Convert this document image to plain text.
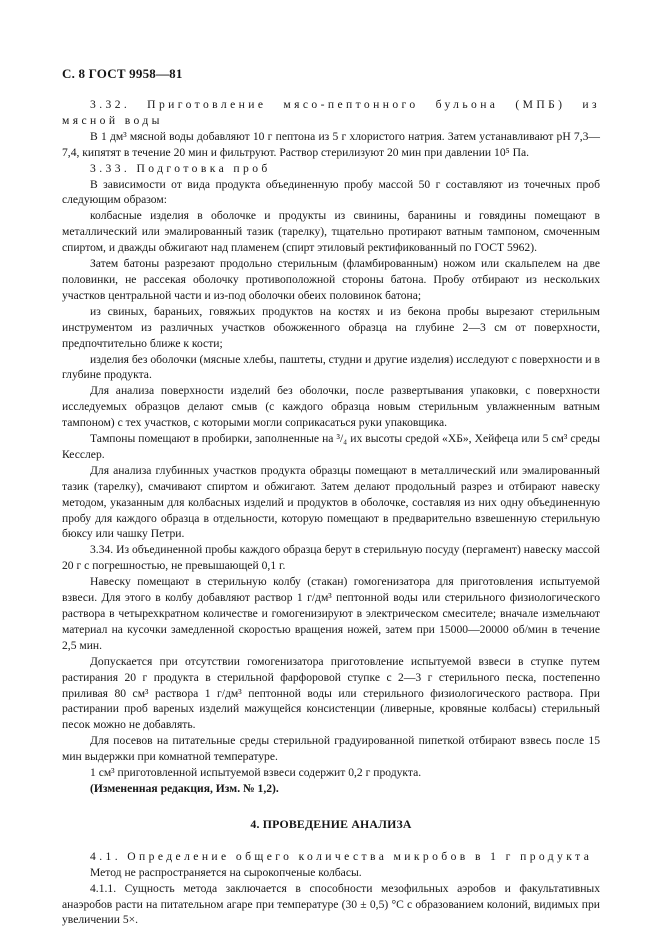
С. 8 ГОСТ 9958—81

3.32. Приготовление мясо-пептонного бульона (МПБ) из мясной воды

В 1 дм³ мясной воды добавляют 10 г пептона из 5 г хлористого натрия. Затем устанавливают pH 7,3—7,4, кипятят в течение 20 мин и фильтруют. Раствор стерилизуют 20 мин при давлении 10⁵ Па.

3.33. Подготовка проб

В зависимости от вида продукта объединенную пробу массой 50 г составляют из точечных проб следующим образом:

колбасные изделия в оболочке и продукты из свинины, баранины и говядины помещают в металлический или эмалированный тазик (тарелку), тщательно протирают ватным тампоном, смоченным спиртом, и дважды обжигают над пламенем (спирт этиловый ректификованный по ГОСТ 5962).

Затем батоны разрезают продольно стерильным (фламбированным) ножом или скальпелем на две половинки, не рассекая оболочку противоположной стороны батона. Пробу отбирают из нескольких участков центральной части и из-под оболочки обеих половинок батона;

из свиных, бараньих, говяжьих продуктов на костях и из бекона пробы вырезают стерильным инструментом из различных участков обожженного образца на глубине 2—3 см от поверхности, предпочтительно ближе к кости;

изделия без оболочки (мясные хлебы, паштеты, студни и другие изделия) исследуют с поверхности и в глубине продукта.

Для анализа поверхности изделий без оболочки, после развертывания упаковки, с поверхности исследуемых образцов делают смыв (с каждого образца новым стерильным увлажненным ватным тампоном) с тех участков, с которыми могли соприкасаться руки упаковщика.

Тампоны помещают в пробирки, заполненные на ³/₄ их высоты средой «ХБ», Хейфеца или 5 см³ среды Кесслер.

Для анализа глубинных участков продукта образцы помещают в металлический или эмалированный тазик (тарелку), смачивают спиртом и обжигают. Затем делают продольный разрез и отбирают навеску методом, указанным для колбасных изделий и продуктов в оболочке, составляя из них одну объединенную пробу для каждого образца в отдельности, которую помещают в предварительно взвешенную стерильную бюксу или чашку Петри.

3.34. Из объединенной пробы каждого образца берут в стерильную посуду (пергамент) навеску массой 20 г с погрешностью, не превышающей 0,1 г.

Навеску помещают в стерильную колбу (стакан) гомогенизатора для приготовления испытуемой взвеси. Для этого в колбу добавляют раствор 1 г/дм³ пептонной воды или стерильного физиологического раствора в четырехкратном количестве и гомогенизируют в электрическом смесителе; вначале измельчают материал на кусочки замедленной скоростью вращения ножей, затем при 15000—20000 об/мин в течение 2,5 мин.

Допускается при отсутствии гомогенизатора приготовление испытуемой взвеси в ступке путем растирания 20 г продукта в стерильной фарфоровой ступке с 2—3 г стерильного песка, постепенно приливая 80 см³ раствора 1 г/дм³ пептонной воды или стерильного физиологического раствора. При растирании проб вареных изделий мажущейся консистенции (ливерные, кровяные колбасы) стерильный песок можно не добавлять.

Для посевов на питательные среды стерильной градуированной пипеткой отбирают взвесь после 15 мин выдержки при комнатной температуре.

1 см³ приготовленной испытуемой взвеси содержит 0,2 г продукта.

(Измененная редакция, Изм. № 1,2).

4. ПРОВЕДЕНИЕ АНАЛИЗА

4.1. Определение общего количества микробов в 1 г продукта

Метод не распространяется на сырокопченые колбасы.

4.1.1. Сущность метода заключается в способности мезофильных аэробов и факультативных анаэробов расти на питательном агаре при температуре (30 ± 0,5) °С с образованием колоний, видимых при увеличении 5×.
